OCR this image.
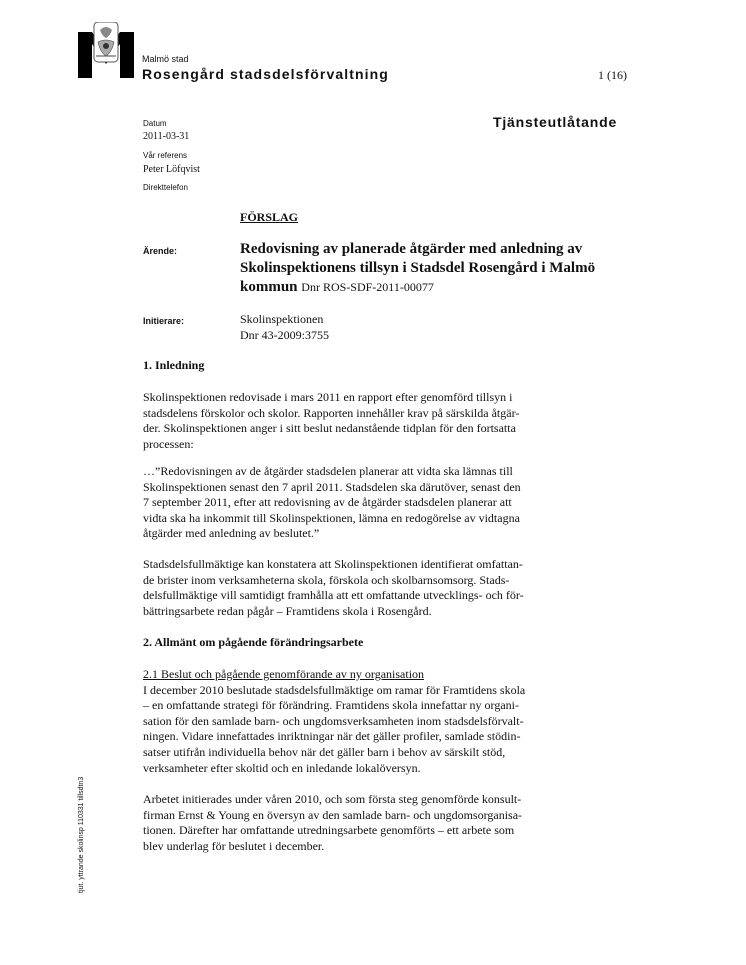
Malmö stad
Rosengård stadsdelsförvaltning	1 (16)
Tjänsteutlåtande
Datum
2011-03-31
Vår referens
Peter Löfqvist
Direkttelefon
FÖRSLAG
Ärende:	Redovisning av planerade åtgärder med anledning av
Skolinspektionens tillsyn i Stadsdel Rosengård i Malmö
kommun Dnr ROS-SDF-2011-00077
Initierare:	Skolinspektionen
Dnr 43-2009:3755
1. Inledning
Skolinspektionen redovisade i mars 2011 en rapport efter genomförd tillsyn i
stadsdelens förskolor och skolor. Rapporten innehåller krav på särskilda åtgär-
der. Skolinspektionen anger i sitt beslut nedanstående tidplan för den fortsatta
processen:
…”Redovisningen av de åtgärder stadsdelen planerar att vidta ska lämnas till
Skolinspektionen senast den 7 april 2011. Stadsdelen ska därutöver, senast den
7 september 2011, efter att redovisning av de åtgärder stadsdelen planerar att
vidta ska ha inkommit till Skolinspektionen, lämna en redogörelse av vidtagna
åtgärder med anledning av beslutet.”
Stadsdelsfullmäktige kan konstatera att Skolinspektionen identifierat omfattan-
de brister inom verksamheterna skola, förskola och skolbarnsomsorg. Stads-
delsfullmäktige vill samtidigt framhålla att ett omfattande utvecklings- och för-
bättringsarbete redan pågår – Framtidens skola i Rosengård.
2. Allmänt om pågående förändringsarbete
2.1 Beslut och pågående genomförande av ny organisation
I december 2010 beslutade stadsdelsfullmäktige om ramar för Framtidens skola
– en omfattande strategi för förändring. Framtidens skola innefattar ny organi-
sation för den samlade barn- och ungdomsverksamheten inom stadsdelsförvalt-
ningen. Vidare innefattades inriktningar när det gäller profiler, samlade stödin-
satser utifrån individuella behov när det gäller barn i behov av särskilt stöd,
verksamheter efter skoltid och en inledande lokalöversyn.
Arbetet initierades under våren 2010, och som första steg genomförde konsult-
firman Ernst & Young en översyn av den samlade barn- och ungdomsorganisa-
tionen. Därefter har omfattande utredningsarbete genomförts – ett arbete som
blev underlag för beslutet i december.
tjut. yttrande skolinsp 110331 tillsdtn3
